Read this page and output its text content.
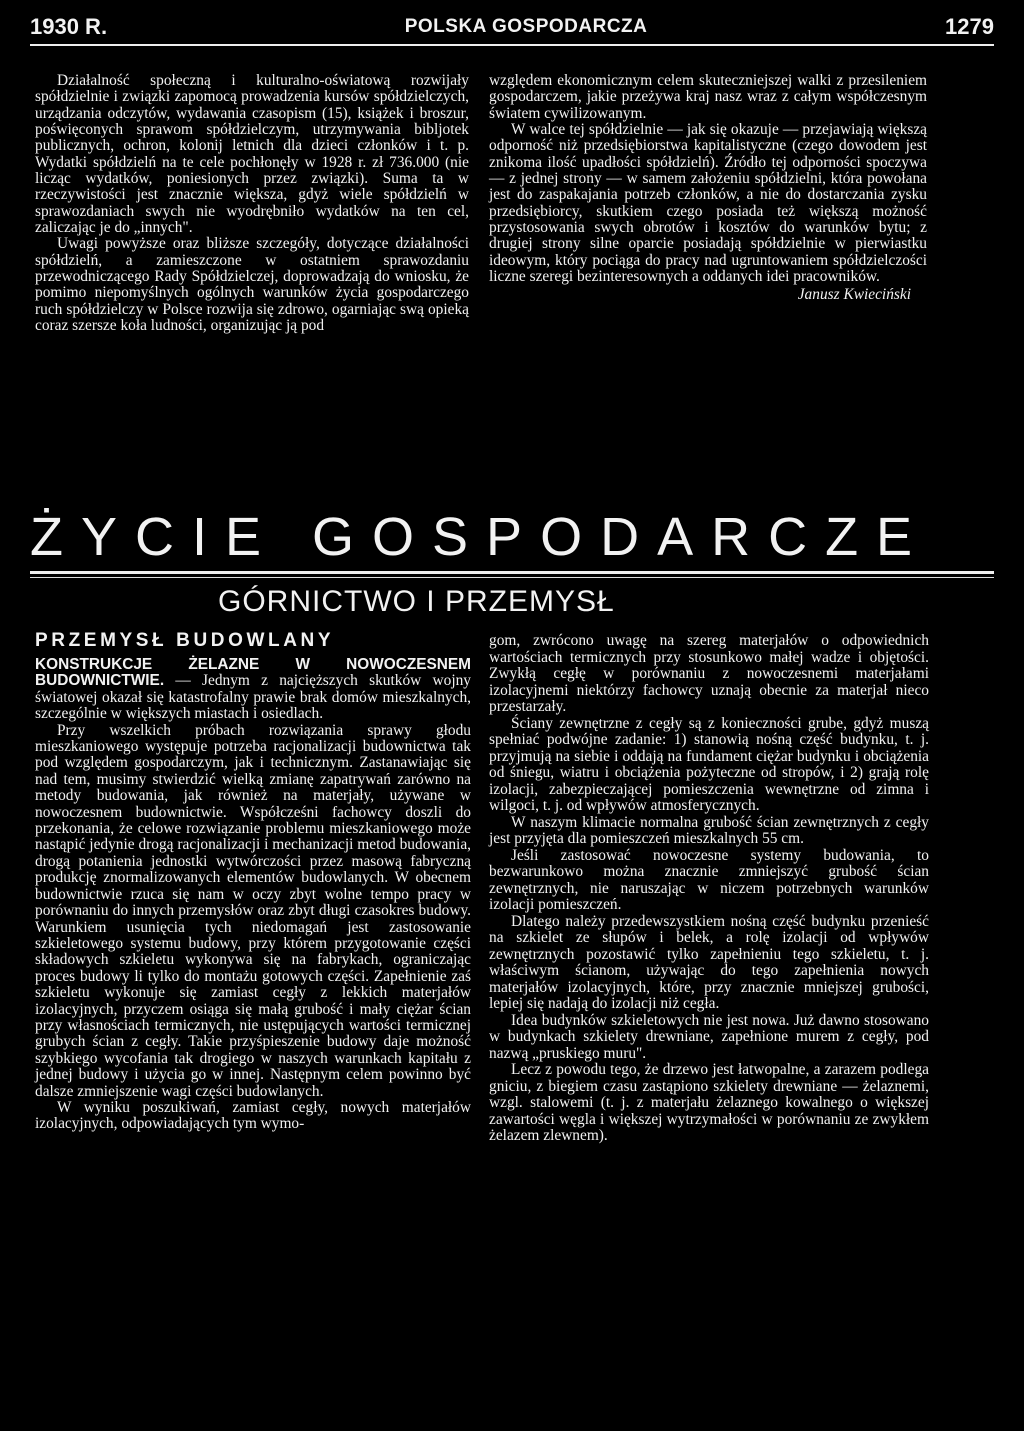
1930 R.	POLSKA GOSPODARCZA	1279

Działalność społeczną i kulturalno-oświatową rozwijały spółdzielnie i związki zapomocą prowadzenia kursów spółdzielczych, urządzania odczytów, wydawania czasopism (15), książek i broszur, poświęconych sprawom spółdzielczym, utrzymywania bibljotek publicznych, ochron, kolonij letnich dla dzieci członków i t. p. Wydatki spółdzielń na te cele pochłonęły w 1928 r. zł 736.000 (nie licząc wydatków, poniesionych przez związki). Suma ta w rzeczywistości jest znacznie większa, gdyż wiele spółdzielń w sprawozdaniach swych nie wyodrębniło wydatków na ten cel, zaliczając je do „innych".

Uwagi powyższe oraz bliższe szczegóły, dotyczące działalności spółdzielń, a zamieszczone w ostatniem sprawozdaniu przewodniczącego Rady Spółdzielczej, doprowadzają do wniosku, że pomimo niepomyślnych ogólnych warunków życia gospodarczego ruch spółdzielczy w Polsce rozwija się zdrowo, ogarniając swą opieką coraz szersze koła ludności, organizując ją pod

względem ekonomicznym celem skuteczniejszej walki z przesileniem gospodarczem, jakie przeżywa kraj nasz wraz z całym współczesnym światem cywilizowanym.

W walce tej spółdzielnie — jak się okazuje — przejawiają większą odporność niż przedsiębiorstwa kapitalistyczne (czego dowodem jest znikoma ilość upadłości spółdzielń). Źródło tej odporności spoczywa — z jednej strony — w samem założeniu spółdzielni, która powołana jest do zaspakajania potrzeb członków, a nie do dostarczania zysku przedsiębiorcy, skutkiem czego posiada też większą możność przystosowania swych obrotów i kosztów do warunków bytu; z drugiej strony silne oparcie posiadają spółdzielnie w pierwiastku ideowym, który pociąga do pracy nad ugruntowaniem spółdzielczości liczne szeregi bezinteresownych a oddanych idei pracowników.

Janusz Kwieciński
ŻYCIE GOSPODARCZE
GÓRNICTWO I PRZEMYSŁ
PRZEMYSŁ BUDOWLANY

KONSTRUKCJE ŻELAZNE W NOWOCZESNEM BUDOWNICTWIE. — Jednym z najcięższych skutków wojny światowej okazał się katastrofalny prawie brak domów mieszkalnych, szczególnie w większych miastach i osiedlach.

Przy wszelkich próbach rozwiązania sprawy głodu mieszkaniowego występuje potrzeba racjonalizacji budownictwa tak pod względem gospodarczym, jak i technicznym. Zastanawiając się nad tem, musimy stwierdzić wielką zmianę zapatrywań zarówno na metody budowania, jak również na materjały, używane w nowoczesnem budownictwie. Współcześni fachowcy doszli do przekonania, że celowe rozwiązanie problemu mieszkaniowego może nastąpić jedynie drogą racjonalizacji i mechanizacji metod budowania, drogą potanienia jednostki wytwórczości przez masową fabryczną produkcję znormalizowanych elementów budowlanych. W obecnem budownictwie rzuca się nam w oczy zbyt wolne tempo pracy w porównaniu do innych przemysłów oraz zbyt długi czasokres budowy. Warunkiem usunięcia tych niedomagań jest zastosowanie szkieletowego systemu budowy, przy którem przygotowanie części składowych szkieletu wykonywa się na fabrykach, ograniczając proces budowy li tylko do montażu gotowych części. Zapełnienie zaś szkieletu wykonuje się zamiast cegły z lekkich materjałów izolacyjnych, przyczem osiąga się małą grubość i mały ciężar ścian przy własnościach termicznych, nie ustępujących wartości termicznej grubych ścian z cegły. Takie przyśpieszenie budowy daje możność szybkiego wycofania tak drogiego w naszych warunkach kapitału z jednej budowy i użycia go w innej. Następnym celem powinno być dalsze zmniejszenie wagi części budowlanych.

W wyniku poszukiwań, zamiast cegły, nowych materjałów izolacyjnych, odpowiadających tym wymo-

gom, zwrócono uwagę na szereg materjałów o odpowiednich wartościach termicznych przy stosunkowo małej wadze i objętości. Zwykłą cegłę w porównaniu z nowoczesnemi materjałami izolacyjnemi niektórzy fachowcy uznają obecnie za materjał nieco przestarzały.

Ściany zewnętrzne z cegły są z konieczności grube, gdyż muszą spełniać podwójne zadanie: 1) stanowią nośną część budynku, t. j. przyjmują na siebie i oddają na fundament ciężar budynku i obciążenia od śniegu, wiatru i obciążenia pożyteczne od stropów, i 2) grają rolę izolacji, zabezpieczającej pomieszczenia wewnętrzne od zimna i wilgoci, t. j. od wpływów atmosferycznych.

W naszym klimacie normalna grubość ścian zewnętrznych z cegły jest przyjęta dla pomieszczeń mieszkalnych 55 cm.

Jeśli zastosować nowoczesne systemy budowania, to bezwarunkowo można znacznie zmniejszyć grubość ścian zewnętrznych, nie naruszając w niczem potrzebnych warunków izolacji pomieszczeń.

Dlatego należy przedewszystkiem nośną część budynku przenieść na szkielet ze słupów i belek, a rolę izolacji od wpływów zewnętrznych pozostawić tylko zapełnieniu tego szkieletu, t. j. właściwym ścianom, używając do tego zapełnienia nowych materjałów izolacyjnych, które, przy znacznie mniejszej grubości, lepiej się nadają do izolacji niż cegła.

Idea budynków szkieletowych nie jest nowa. Już dawno stosowano w budynkach szkielety drewniane, zapełnione murem z cegły, pod nazwą „pruskiego muru".

Lecz z powodu tego, że drzewo jest łatwopalne, a zarazem podlega gniciu, z biegiem czasu zastąpiono szkielety drewniane — żelaznemi, wzgl. stalowemi (t. j. z materjału żelaznego kowalnego o większej zawartości węgla i większej wytrzymałości w porównaniu ze zwykłem żelazem zlewnem).
